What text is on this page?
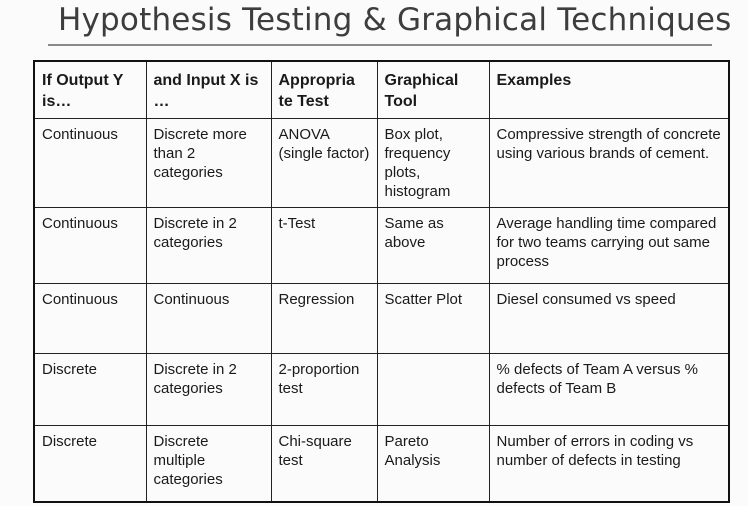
Hypothesis Testing & Graphical Techniques
If Output Y is…	and Input X is …	Appropria te Test	Graphical Tool	Examples

Continuous	Discrete more than 2 categories	ANOVA (single factor)	Box plot, frequency plots, histogram	Compressive strength of concrete using various brands of cement.
Continuous	Discrete in 2 categories	t-Test	Same as above	Average handling time compared for two teams carrying out same process
Continuous	Continuous	Regression	Scatter Plot	Diesel consumed vs speed
Discrete	Discrete in 2 categories	2-proportion test		% defects of Team A versus % defects of Team B
Discrete	Discrete multiple categories	Chi-square test	Pareto Analysis	Number of errors in coding vs number of defects in testing
